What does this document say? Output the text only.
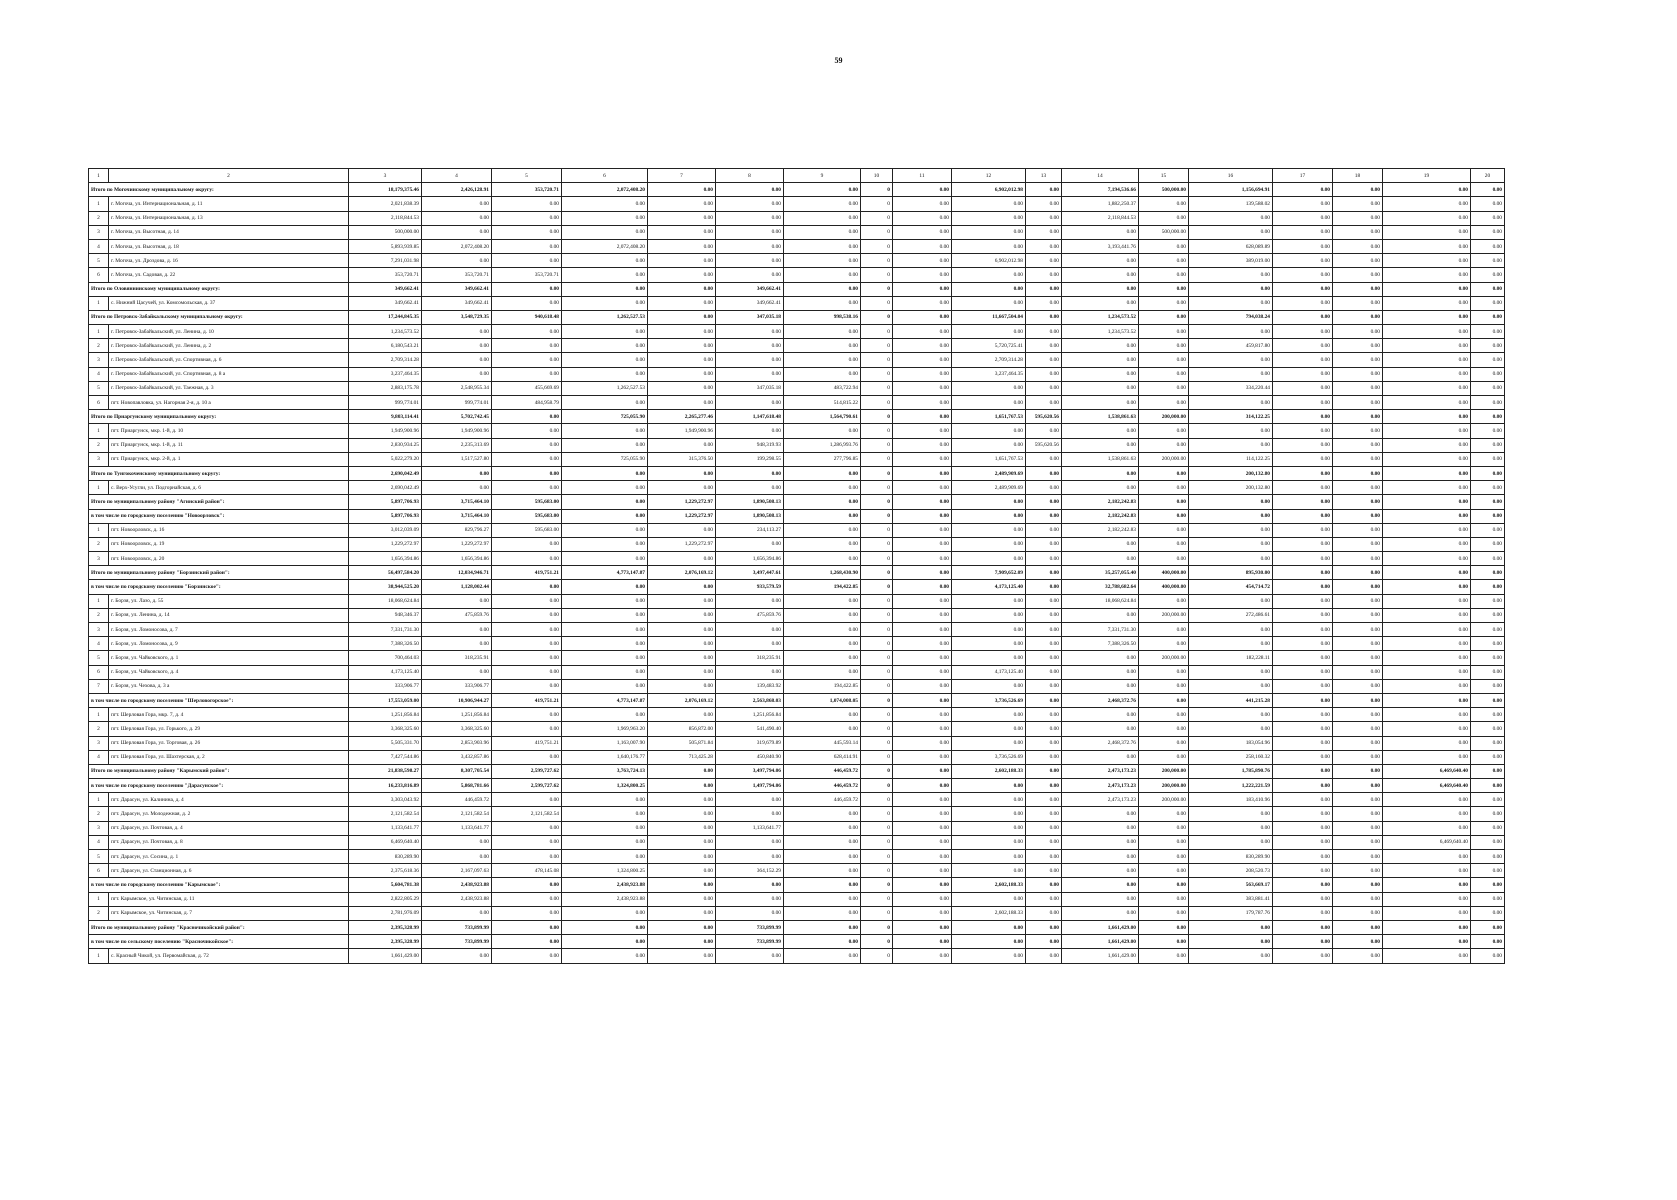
59
1	2	3	4	5	6	7	8	9	10	11	12	13	14	15	16	17	18	19	20
Итого по Могочинскому муниципальному округу:		18,179,375.46	2,426,128.91	353,720.71	2,072,408.20	0.00	0.00	0.00	0	0.00	6,902,012.98	0.00	7,194,536.66	500,000.00	1,156,694.91	0.00	0.00	0.00	0.00
1	г. Могоча, ул. Интернациональная, д. 11	2,021,838.39	0.00	0.00	0.00	0.00	0.00	0.00	0	0.00	0.00	0.00	1,882,250.37	0.00	139,588.02	0.00	0.00	0.00	0.00
2	г. Могоча, ул. Интернациональная, д. 13	2,118,844.53	0.00	0.00	0.00	0.00	0.00	0.00	0	0.00	0.00	0.00	2,118,844.53	0.00	0.00	0.00	0.00	0.00	0.00
3	г. Могоча, ул. Высотная, д. 14	500,000.00	0.00	0.00	0.00	0.00	0.00	0.00	0	0.00	0.00	0.00	0.00	500,000.00	0.00	0.00	0.00	0.00	0.00
4	г. Могоча, ул. Высотная, д. 18	5,893,939.85	2,072,408.20	0.00	2,072,408.20	0.00	0.00	0.00	0	0.00	0.00	0.00	3,193,441.76	0.00	628,089.89	0.00	0.00	0.00	0.00
5	г. Могоча, ул. Дроздова, д. 16	7,291,031.98	0.00	0.00	0.00	0.00	0.00	0.00	0	0.00	6,902,012.98	0.00	0.00	0.00	389,019.00	0.00	0.00	0.00	0.00
6	г. Могоча, ул. Садовая, д. 22	353,720.71	353,720.71	353,720.71	0.00	0.00	0.00	0.00	0	0.00	0.00	0.00	0.00	0.00	0.00	0.00	0.00	0.00	0.00
Итого по Оловяннинскому муниципальному округу:		349,662.41	349,662.41	0.00	0.00	0.00	349,662.41	0.00	0	0.00	0.00	0.00	0.00	0.00	0.00	0.00	0.00	0.00	0.00
1	с. Нижний Цасучей, ул. Комсомольская, д. 37	349,662.41	349,662.41	0.00	0.00	0.00	349,662.41	0.00	0	0.00	0.00	0.00	0.00	0.00	0.00	0.00	0.00	0.00	0.00
Итого по Петровск-Забайкальскому муниципальному округу:		17,244,845.35	3,548,729.35	940,618.48	1,262,527.53	0.00	347,035.18	998,538.16	0	0.00	11,667,504.04	0.00	1,234,573.52	0.00	794,038.24	0.00	0.00	0.00	0.00
1	г. Петровск-Забайкальский, ул. Ленина, д. 10	1,234,573.52	0.00	0.00	0.00	0.00	0.00	0.00	0	0.00	0.00	0.00	1,234,573.52	0.00	0.00	0.00	0.00	0.00	0.00
2	г. Петровск-Забайкальский, ул. Ленина, д. 2	6,180,543.21	0.00	0.00	0.00	0.00	0.00	0.00	0	0.00	5,720,725.41	0.00	0.00	0.00	459,817.80	0.00	0.00	0.00	0.00
3	г. Петровск-Забайкальский, ул. Спортивная, д. 6	2,709,314.28	0.00	0.00	0.00	0.00	0.00	0.00	0	0.00	2,709,314.28	0.00	0.00	0.00	0.00	0.00	0.00	0.00	0.00
4	г. Петровск-Забайкальский, ул. Спортивная, д. 8 а	3,237,464.35	0.00	0.00	0.00	0.00	0.00	0.00	0	0.00	3,237,464.35	0.00	0.00	0.00	0.00	0.00	0.00	0.00	0.00
5	г. Петровск-Забайкальский, ул. Таежная, д. 3	2,883,175.78	2,548,955.34	455,669.69	1,262,527.53	0.00	347,035.18	483,722.94	0	0.00	0.00	0.00	0.00	0.00	334,220.44	0.00	0.00	0.00	0.00
6	пгт. Новопавловка, ул. Нагорная 2-я, д. 10 а	999,774.01	999,774.01	484,958.79	0.00	0.00	0.00	514,815.22	0	0.00	0.00	0.00	0.00	0.00	0.00	0.00	0.00	0.00	0.00
Итого по Приаргунскому муниципальному округу:		9,803,114.41	5,702,742.45	0.00	725,055.90	2,265,277.46	1,147,618.48	1,564,790.61	0	0.00	1,651,767.53	595,620.56	1,538,861.63	200,000.00	314,122.25	0.00	0.00	0.00	0.00
1	пгт. Приаргунск, мкр. 1-й, д. 10	1,949,900.96	1,949,900.96	0.00	0.00	1,949,900.96	0.00	0.00	0	0.00	0.00	0.00	0.00	0.00	0.00	0.00	0.00	0.00	0.00
2	пгт. Приаргунск, мкр. 1-й, д. 11	2,830,934.25	2,235,313.69	0.00	0.00	0.00	948,319.93	1,286,993.76	0	0.00	0.00	595,620.56	0.00	0.00	0.00	0.00	0.00	0.00	0.00
3	пгт. Приаргунск, мкр. 2-й, д. 1	5,022,279.20	1,517,527.80	0.00	725,055.90	315,376.50	199,298.55	277,796.85	0	0.00	1,651,767.53	0.00	1,538,861.63	200,000.00	114,122.25	0.00	0.00	0.00	0.00
Итого по Тунгокоченскому муниципальному округу:		2,690,042.49	0.00	0.00	0.00	0.00	0.00	0.00	0	0.00	2,489,909.69	0.00	0.00	0.00	200,132.80	0.00	0.00	0.00	0.00
1	с. Верх-Усугли, ул. Подгорнайская, д. 6	2,690,042.49	0.00	0.00	0.00	0.00	0.00	0.00	0	0.00	2,489,909.69	0.00	0.00	0.00	200,132.80	0.00	0.00	0.00	0.00
Итого по муниципальному району "Агинский район":		5,897,706.93	3,715,464.10	595,683.00	0.00	1,229,272.97	1,890,508.13	0.00	0	0.00	0.00	0.00	2,182,242.83	0.00	0.00	0.00	0.00	0.00	0.00
в том числе по городскому поселению "Новоорловск":		5,897,706.93	3,715,464.10	595,683.00	0.00	1,229,272.97	1,890,508.13	0.00	0	0.00	0.00	0.00	2,182,242.83	0.00	0.00	0.00	0.00	0.00	0.00
1	пгт. Новоорловск, д. 16	3,012,039.09	829,796.27	595,683.00	0.00	0.00	234,113.27	0.00	0	0.00	0.00	0.00	2,182,242.83	0.00	0.00	0.00	0.00	0.00	0.00
2	пгт. Новоорловск, д. 19	1,229,272.97	1,229,272.97	0.00	0.00	1,229,272.97	0.00	0.00	0	0.00	0.00	0.00	0.00	0.00	0.00	0.00	0.00	0.00	0.00
3	пгт. Новоорловск, д. 20	1,656,394.86	1,656,394.86	0.00	0.00	0.00	1,656,394.86	0.00	0	0.00	0.00	0.00	0.00	0.00	0.00	0.00	0.00	0.00	0.00
Итого по муниципальному району "Борзинский район":		56,497,584.20	12,034,946.71	419,751.21	4,773,147.87	2,076,169.12	3,497,447.61	1,268,430.90	0	0.00	7,909,652.09	0.00	35,257,055.40	400,000.00	895,930.00	0.00	0.00	0.00	0.00
в том числе по городскому поселению "Борзинское":		38,944,525.20	1,128,002.44	0.00	0.00	0.00	933,579.59	194,422.85	0	0.00	4,173,125.40	0.00	32,788,682.64	400,000.00	454,714.72	0.00	0.00	0.00	0.00
1	г. Борзя, ул. Лазо, д. 55	18,068,624.84	0.00	0.00	0.00	0.00	0.00	0.00	0	0.00	0.00	0.00	18,068,624.84	0.00	0.00	0.00	0.00	0.00	0.00
2	г. Борзя, ул. Ленина, д. 14	948,346.37	475,859.76	0.00	0.00	0.00	475,859.76	0.00	0	0.00	0.00	0.00	0.00	200,000.00	272,486.61	0.00	0.00	0.00	0.00
3	г. Борзя, ул. Ломоносова, д. 7	7,331,731.30	0.00	0.00	0.00	0.00	0.00	0.00	0	0.00	0.00	0.00	7,331,731.30	0.00	0.00	0.00	0.00	0.00	0.00
4	г. Борзя, ул. Ломоносова, д. 9	7,388,326.50	0.00	0.00	0.00	0.00	0.00	0.00	0	0.00	0.00	0.00	7,388,326.50	0.00	0.00	0.00	0.00	0.00	0.00
5	г. Борзя, ул. Чайковского, д. 1	700,464.03	318,235.91	0.00	0.00	0.00	318,235.91	0.00	0	0.00	0.00	0.00	0.00	200,000.00	182,228.11	0.00	0.00	0.00	0.00
6	г. Борзя, ул. Чайковского, д. 4	4,173,125.40	0.00	0.00	0.00	0.00	0.00	0.00	0	0.00	4,173,125.40	0.00	0.00	0.00	0.00	0.00	0.00	0.00	0.00
7	г. Борзя, ул. Чехова, д. 3 а	333,906.77	333,906.77	0.00	0.00	0.00	139,483.92	194,422.85	0	0.00	0.00	0.00	0.00	0.00	0.00	0.00	0.00	0.00	0.00
в том числе по городскому поселению "Шерловогорское":		17,553,059.00	10,906,944.27	419,751.21	4,773,147.87	2,076,169.12	2,563,868.03	1,074,008.05	0	0.00	3,736,526.69	0.00	2,468,372.76	0.00	441,215.28	0.00	0.00	0.00	0.00
1	пгт. Шерловая Гора, мкр. 7, д. 4	1,251,856.84	1,251,856.84	0.00	0.00	0.00	1,251,856.84	0.00	0	0.00	0.00	0.00	0.00	0.00	0.00	0.00	0.00	0.00	0.00
2	пгт. Шерловая Гора, ул. Горького, д. 29	3,368,325.60	3,368,325.60	0.00	1,969,963.20	856,872.00	541,490.40	0.00	0	0.00	0.00	0.00	0.00	0.00	0.00	0.00	0.00	0.00	0.00
3	пгт. Шерловая Гора, ул. Торговая, д. 26	5,505,331.70	2,853,903.96	419,751.21	1,163,007.90	505,871.84	319,679.89	445,593.14	0	0.00	0.00	0.00	2,468,372.76	0.00	183,054.96	0.00	0.00	0.00	0.00
4	пгт. Шерловая Гора, ул. Шахтерская, д. 2	7,427,544.86	3,432,857.86	0.00	1,640,176.77	713,425.28	450,840.90	628,414.91	0	0.00	3,736,526.69	0.00	0.00	0.00	258,160.32	0.00	0.00	0.00	0.00
Итого по муниципальному району "Карымский район":		21,838,598.27	8,307,705.54	2,599,727.62	3,763,724.13	0.00	3,497,794.06	446,459.72	0	0.00	2,602,188.33	0.00	2,473,173.23	200,000.00	1,785,890.76	0.00	0.00	6,469,640.40	0.00
в том числе по городскому поселению "Дарасунское":		16,233,816.89	5,868,781.66	2,599,727.62	1,324,800.25	0.00	1,497,794.06	446,459.72	0	0.00	0.00	0.00	2,473,173.23	200,000.00	1,222,221.59	0.00	0.00	6,469,640.40	0.00
1	пгт. Дарасун, ул. Калинина, д. 4	3,303,043.92	446,459.72	0.00	0.00	0.00	0.00	446,459.72	0	0.00	0.00	0.00	2,473,173.23	200,000.00	183,410.96	0.00	0.00	0.00	0.00
2	пгт. Дарасун, ул. Молодежная, д. 2	2,121,582.54	2,121,582.54	2,121,582.54	0.00	0.00	0.00	0.00	0	0.00	0.00	0.00	0.00	0.00	0.00	0.00	0.00	0.00	0.00
3	пгт. Дарасун, ул. Почтовая, д. 4	1,133,641.77	1,133,641.77	0.00	0.00	0.00	1,133,641.77	0.00	0	0.00	0.00	0.00	0.00	0.00	0.00	0.00	0.00	0.00	0.00
4	пгт. Дарасун, ул. Почтовая, д. 8	6,469,640.40	0.00	0.00	0.00	0.00	0.00	0.00	0	0.00	0.00	0.00	0.00	0.00	0.00	0.00	0.00	6,469,640.40	0.00
5	пгт. Дарасун, ул. Сосина, д. 1	830,289.90	0.00	0.00	0.00	0.00	0.00	0.00	0	0.00	0.00	0.00	0.00	0.00	830,289.90	0.00	0.00	0.00	0.00
6	пгт. Дарасун, ул. Станционная, д. 6	2,375,618.36	2,167,097.63	478,145.08	1,324,800.25	0.00	364,152.29	0.00	0	0.00	0.00	0.00	0.00	0.00	208,520.73	0.00	0.00	0.00	0.00
в том числе по городскому поселению "Карымское":		5,604,781.38	2,438,923.88	0.00	2,438,923.88	0.00	0.00	0.00	0	0.00	2,602,188.33	0.00	0.00	0.00	563,669.17	0.00	0.00	0.00	0.00
1	пгт. Карымское, ул. Читинская, д. 11	2,822,805.29	2,438,923.88	0.00	2,438,923.88	0.00	0.00	0.00	0	0.00	0.00	0.00	0.00	0.00	383,881.41	0.00	0.00	0.00	0.00
2	пгт. Карымское, ул. Читинская, д. 7	2,781,976.09	0.00	0.00	0.00	0.00	0.00	0.00	0	0.00	2,602,188.33	0.00	0.00	0.00	179,787.76	0.00	0.00	0.00	0.00
Итого по муниципальному району "Красночикойский район":		2,395,328.99	733,899.99	0.00	0.00	0.00	733,899.99	0.00	0	0.00	0.00	0.00	1,661,429.00	0.00	0.00	0.00	0.00	0.00	0.00
в том числе по сельскому поселению "Красночикойское":		2,395,328.99	733,899.99	0.00	0.00	0.00	733,899.99	0.00	0	0.00	0.00	0.00	1,661,429.00	0.00	0.00	0.00	0.00	0.00	0.00
1	с. Красный Чикой, ул. Первомайская, д. 72	1,661,429.00	0.00	0.00	0.00	0.00	0.00	0.00	0	0.00	0.00	0.00	1,661,429.00	0.00	0.00	0.00	0.00	0.00	0.00
